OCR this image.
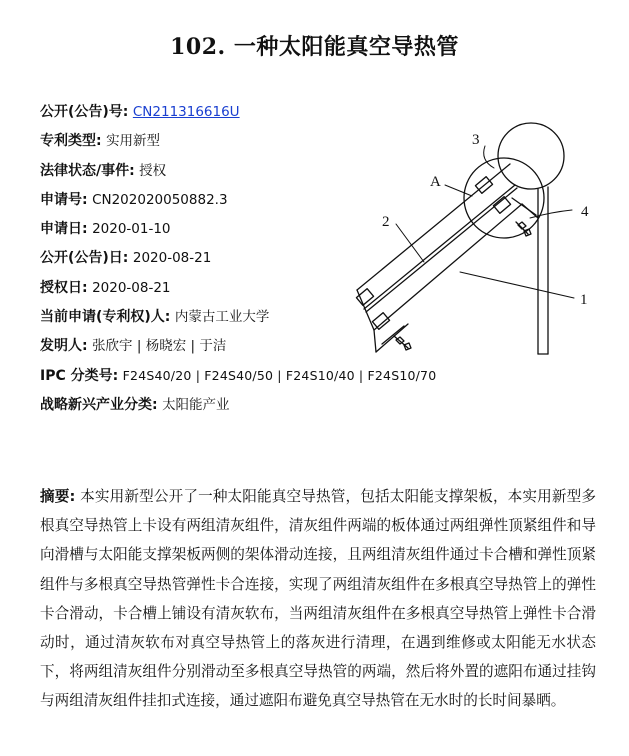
102. 一种太阳能真空导热管
公开(公告)号: CN211316616U
专利类型: 实用新型
法律状态/事件: 授权
申请号: CN202020050882.3
申请日: 2020-01-10
公开(公告)日: 2020-08-21
授权日: 2020-08-21
当前申请(专利权)人: 内蒙古工业大学
发明人: 张欣宇 | 杨晓宏 | 于洁
IPC 分类号: F24S40/20 | F24S40/50 | F24S10/40 | F24S10/70
战略新兴产业分类: 太阳能产业
1
2
3
4
A
摘要: 本实用新型公开了一种太阳能真空导热管，包括太阳能支撑架板，本实用新型多根真空导热管上卡设有两组清灰组件，清灰组件两端的板体通过两组弹性顶紧组件和导向滑槽与太阳能支撑架板两侧的架体滑动连接，且两组清灰组件通过卡合槽和弹性顶紧组件与多根真空导热管弹性卡合连接，实现了两组清灰组件在多根真空导热管上的弹性卡合滑动，卡合槽上铺设有清灰软布，当两组清灰组件在多根真空导热管上弹性卡合滑动时，通过清灰软布对真空导热管上的落灰进行清理，在遇到维修或太阳能无水状态下，将两组清灰组件分别滑动至多根真空导热管的两端，然后将外置的遮阳布通过挂钩与两组清灰组件挂扣式连接，通过遮阳布避免真空导热管在无水时的长时间暴晒。
